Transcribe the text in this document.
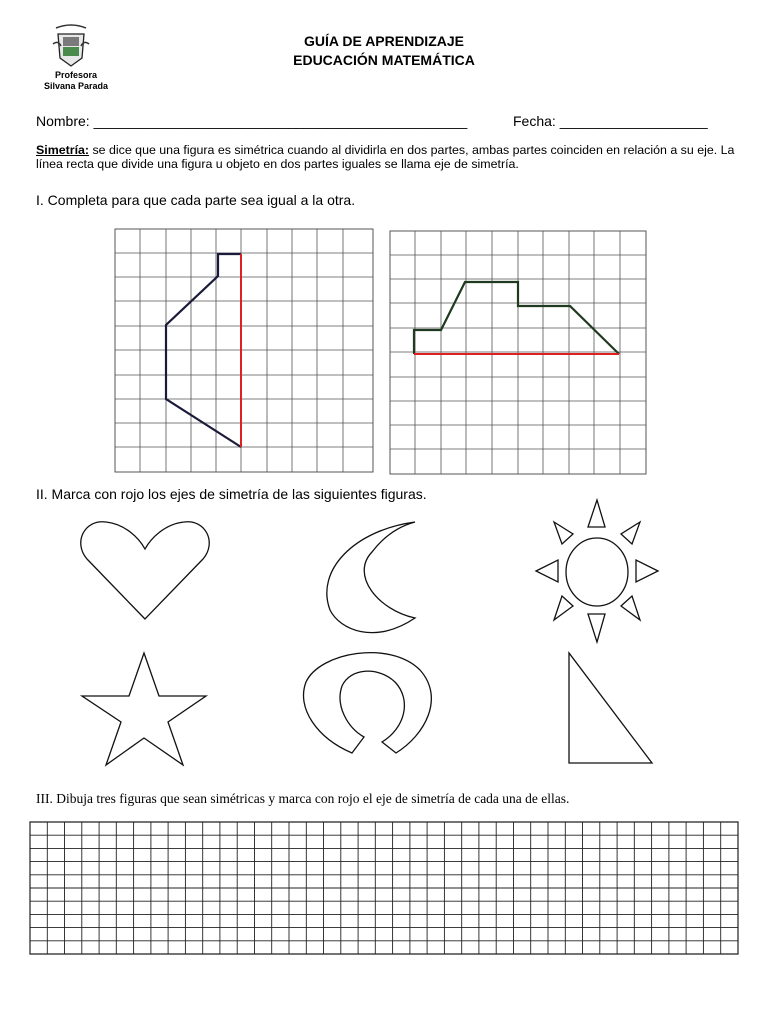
Profesora
Silvana Parada
GUÍA DE APRENDIZAJE
EDUCACIÓN MATEMÁTICA
Nombre: ________________________________________________	Fecha: ___________________
Simetría: se dice que una figura es simétrica cuando al dividirla en dos partes, ambas partes coinciden en relación a su eje. La línea recta que divide una figura u objeto en dos partes iguales se llama eje de simetría.
I. Completa para que cada parte sea igual a la otra.
II. Marca con rojo los ejes de simetría de las siguientes figuras.
III. Dibuja tres figuras que sean simétricas y marca con rojo el eje de simetría de cada una de ellas.
